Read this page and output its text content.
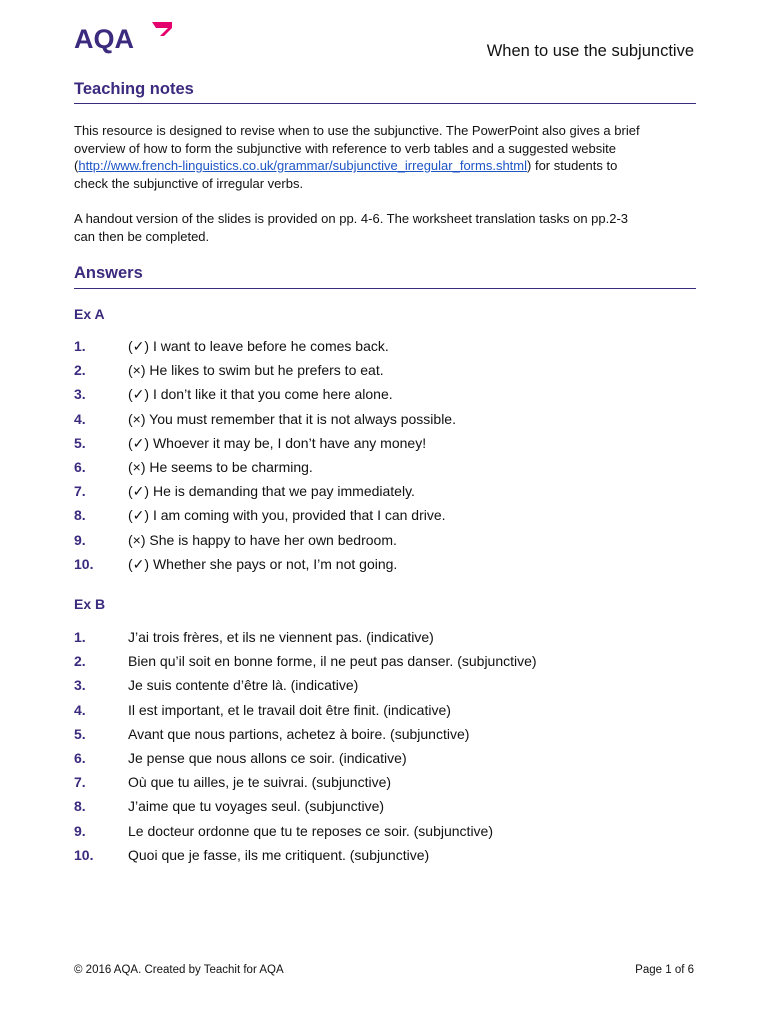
AQA	When to use the subjunctive
Teaching notes
This resource is designed to revise when to use the subjunctive. The PowerPoint also gives a brief
overview of how to form the subjunctive with reference to verb tables and a suggested website
(http://www.french-linguistics.co.uk/grammar/subjunctive_irregular_forms.shtml) for students to
check the subjunctive of irregular verbs.
A handout version of the slides is provided on pp. 4-6. The worksheet translation tasks on pp.2-3
can then be completed.
Answers
Ex A
1.	(✓) I want to leave before he comes back.
2.	(×) He likes to swim but he prefers to eat.
3.	(✓) I don’t like it that you come here alone.
4.	(×) You must remember that it is not always possible.
5.	(✓) Whoever it may be, I don’t have any money!
6.	(×) He seems to be charming.
7.	(✓) He is demanding that we pay immediately.
8.	(✓) I am coming with you, provided that I can drive.
9.	(×) She is happy to have her own bedroom.
10.	(✓) Whether she pays or not, I’m not going.
Ex B
1.	J’ai trois frères, et ils ne viennent pas. (indicative)
2.	Bien qu’il soit en bonne forme, il ne peut pas danser. (subjunctive)
3.	Je suis contente d’être là. (indicative)
4.	Il est important, et le travail doit être finit. (indicative)
5.	Avant que nous partions, achetez à boire. (subjunctive)
6.	Je pense que nous allons ce soir. (indicative)
7.	Où que tu ailles, je te suivrai. (subjunctive)
8.	J’aime que tu voyages seul. (subjunctive)
9.	Le docteur ordonne que tu te reposes ce soir. (subjunctive)
10.	Quoi que je fasse, ils me critiquent. (subjunctive)
© 2016 AQA. Created by Teachit for AQA	Page 1 of 6
